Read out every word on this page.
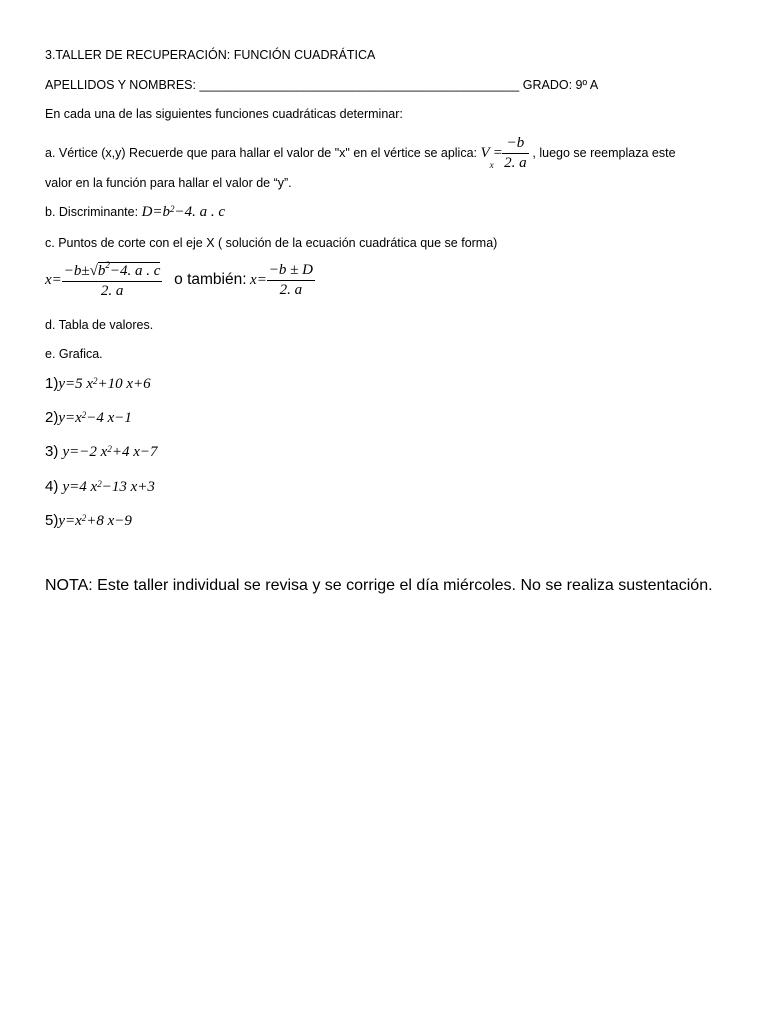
3.TALLER DE RECUPERACIÓN: FUNCIÓN CUADRÁTICA
APELLIDOS Y NOMBRES: ______________________________________________ GRADO: 9º A
En cada una de las siguientes funciones cuadráticas determinar:
a. Vértice (x,y) Recuerde que para hallar el valor de "x" en el vértice se aplica: $V_x= \frac{-b}{2. a}$ , luego se reemplaza este
valor en la función para hallar el valor de “y”.
b. Discriminante: $D=b^2-4$. a . c
c. Puntos de corte con el eje X ( solución de la ecuación cuadrática que se forma)
$x= \frac{-b\pm√b^2-4. a . c}{2. a}$ o también: $x= \frac{-b \pm D}{2. a}$
d. Tabla de valores.
e. Grafica.
1)y=5 $x^2+10$ x+6
$2)y=x^2-4$ x−1
3) y=−2 $x^2+4$ x−7
4) y=4 $x^2-13$ x+3
$5)y=x^2+8$ x−9
NOTA: Este taller individual se revisa y se corrige el día miércoles. No se realiza sustentación.
